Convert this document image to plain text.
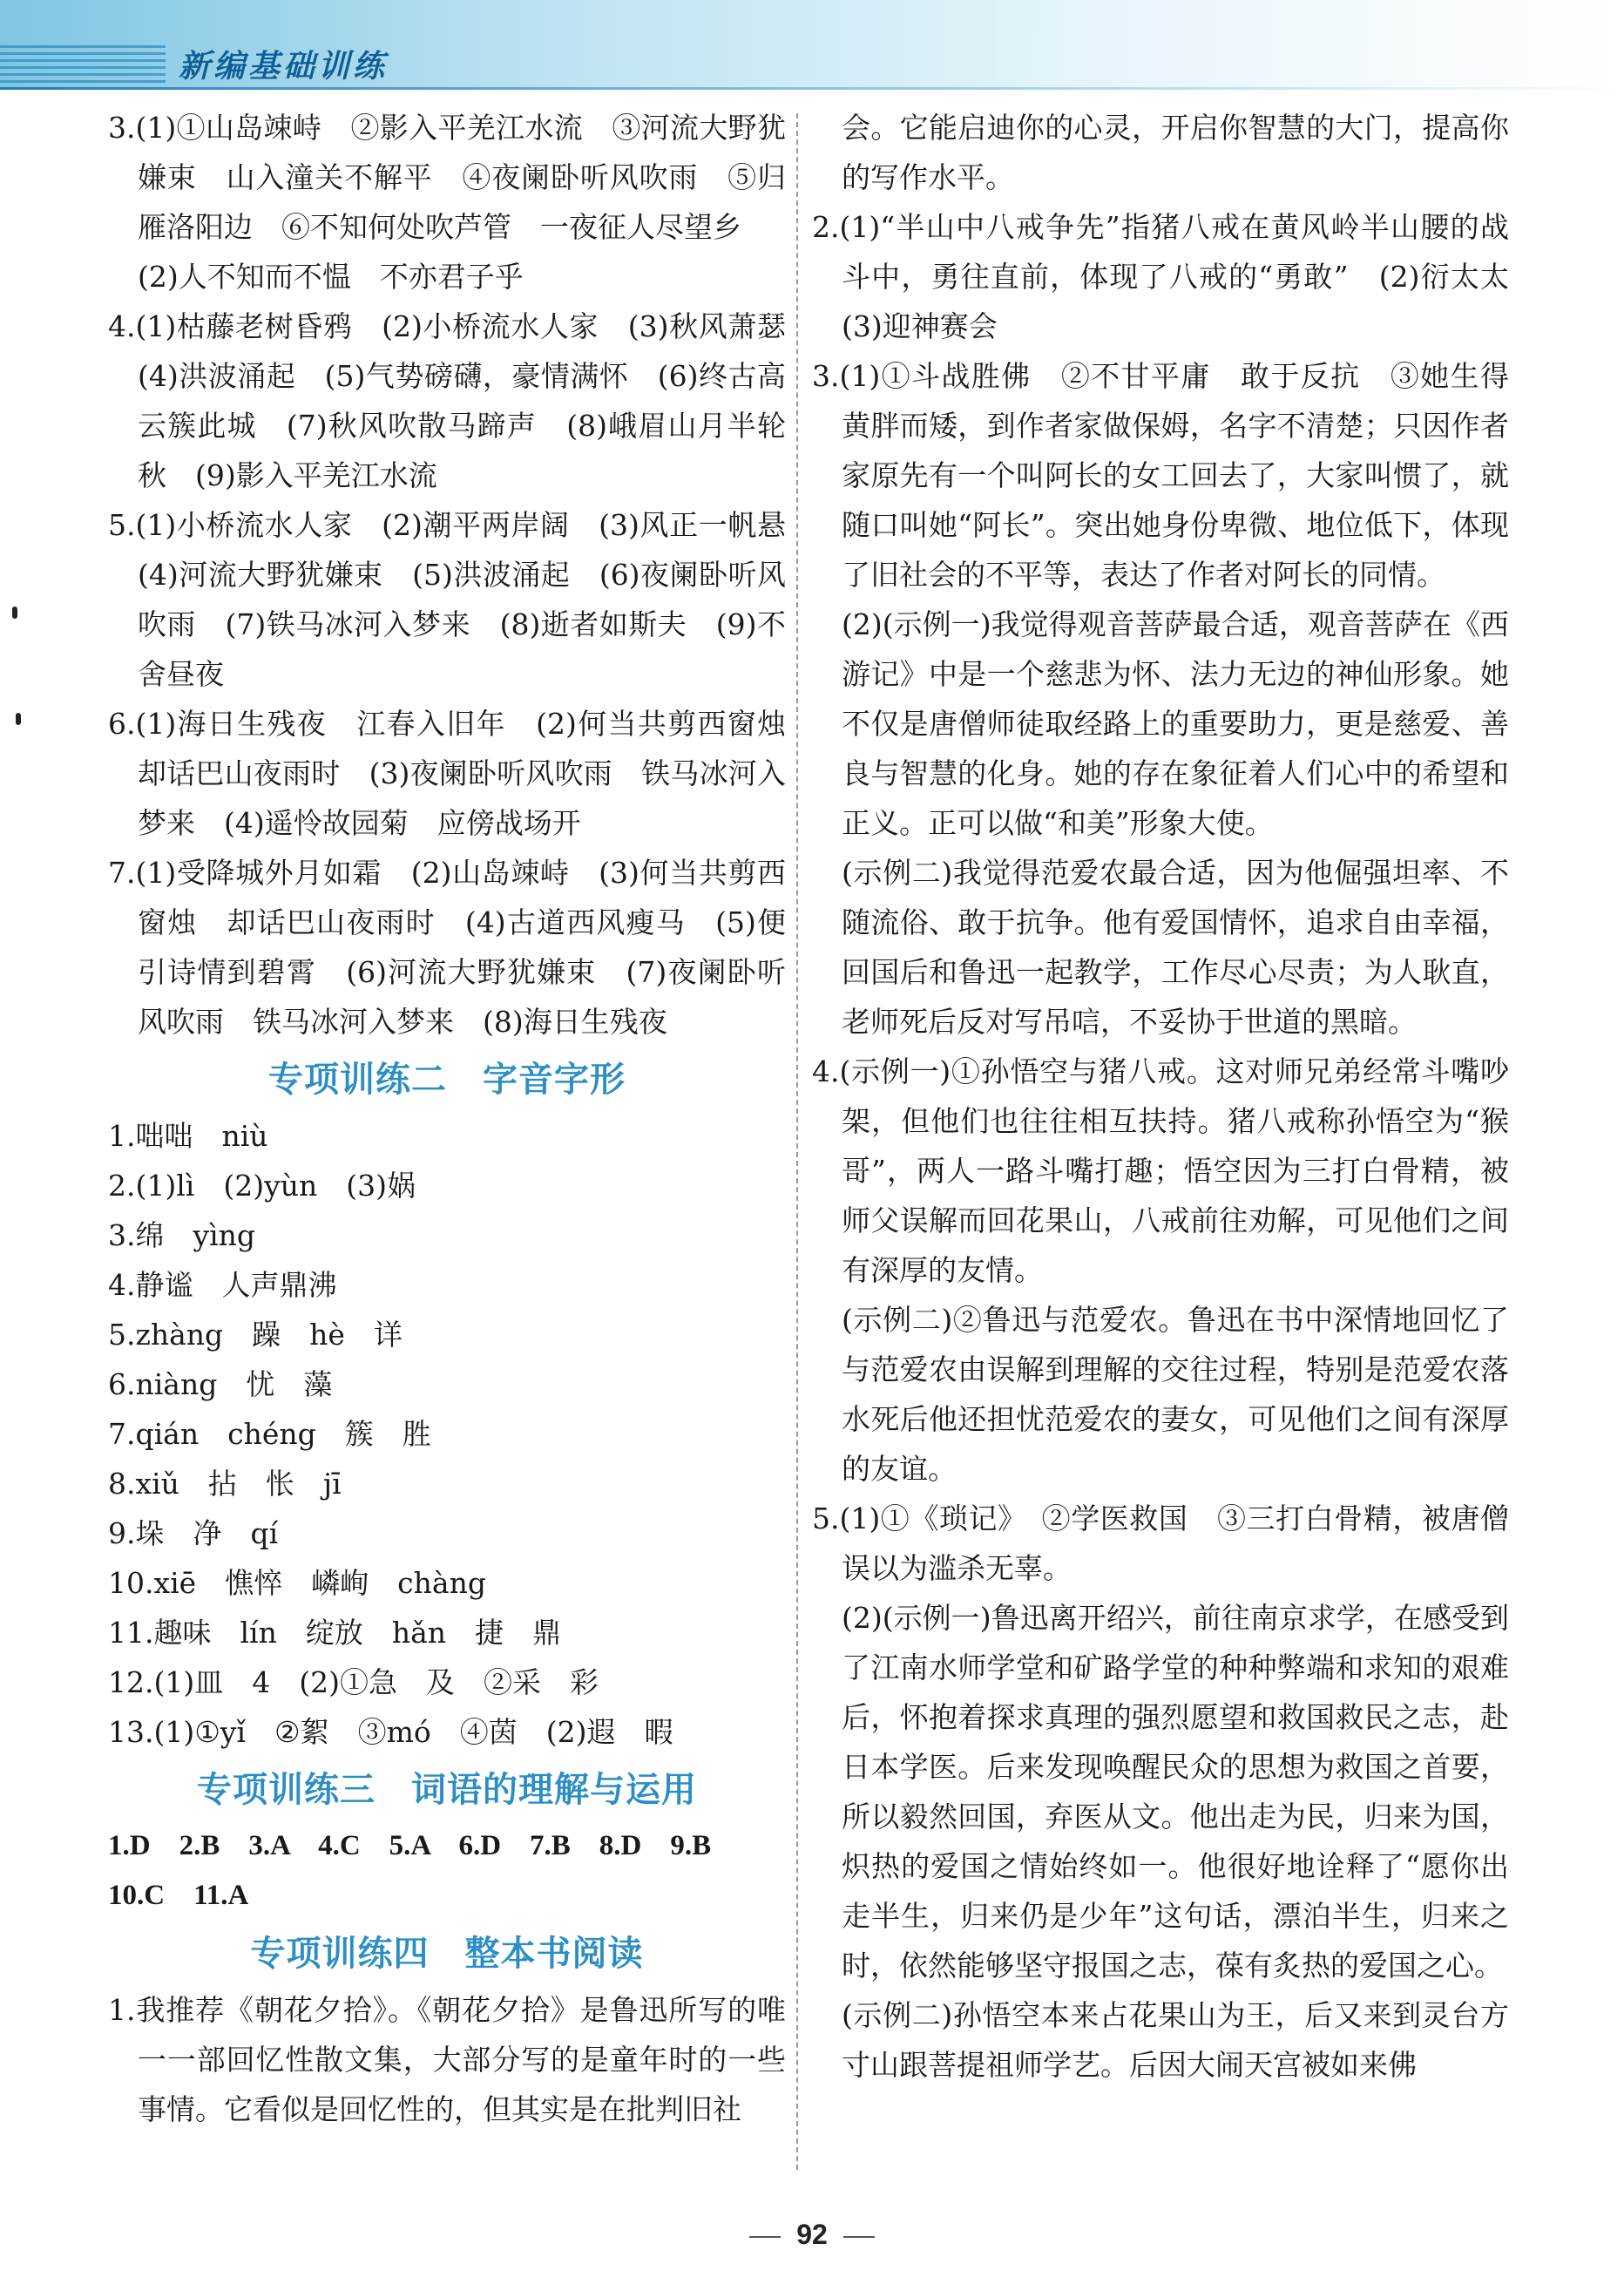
新编基础训练
3.(1)①山岛竦峙　②影入平羌江水流　③河流大野犹嫌束　山入潼关不解平　④夜阑卧听风吹雨　⑤归雁洛阳边　⑥不知何处吹芦管　一夜征人尽望乡
(2)人不知而不愠　不亦君子乎
4.(1)枯藤老树昏鸦　(2)小桥流水人家　(3)秋风萧瑟　(4)洪波涌起　(5)气势磅礴，豪情满怀　(6)终古高云簇此城　(7)秋风吹散马蹄声　(8)峨眉山月半轮秋　(9)影入平羌江水流
5.(1)小桥流水人家　(2)潮平两岸阔　(3)风正一帆悬　(4)河流大野犹嫌束　(5)洪波涌起　(6)夜阑卧听风吹雨　(7)铁马冰河入梦来　(8)逝者如斯夫　(9)不舍昼夜
6.(1)海日生残夜　江春入旧年　(2)何当共剪西窗烛　却话巴山夜雨时　(3)夜阑卧听风吹雨　铁马冰河入梦来　(4)遥怜故园菊　应傍战场开
7.(1)受降城外月如霜　(2)山岛竦峙　(3)何当共剪西窗烛　却话巴山夜雨时　(4)古道西风瘦马　(5)便引诗情到碧霄　(6)河流大野犹嫌束　(7)夜阑卧听风吹雨　铁马冰河入梦来　(8)海日生残夜
专项训练二　字音字形
1.咄咄　niù
2.(1)lì　(2)yùn　(3)娲
3.绵　yìng
4.静谧　人声鼎沸
5.zhàng　躁　hè　详
6.niàng　忧　藻
7.qián　chéng　簇　胜
8.xiǔ　拈　怅　jī
9.垛　净　qí
10.xiē　憔悴　嶙峋　chàng
11.趣味　lín　绽放　hǎn　捷　鼎
12.(1)皿　4　(2)①急　及　②采　彩
13.(1)①yǐ　②絮　③mó　④茵　(2)遐　暇
专项训练三　词语的理解与运用
1.D　2.B　3.A　4.C　5.A　6.D　7.B　8.D　9.B
10.C　11.A
专项训练四　整本书阅读
1.我推荐《朝花夕拾》。《朝花夕拾》是鲁迅所写的唯一一部回忆性散文集，大部分写的是童年时的一些事情。它看似是回忆性的，但其实是在批判旧社
会。它能启迪你的心灵，开启你智慧的大门，提高你的写作水平。
2.(1)“半山中八戒争先”指猪八戒在黄风岭半山腰的战斗中，勇往直前，体现了八戒的“勇敢”　(2)衍太太　(3)迎神赛会
3.(1)①斗战胜佛　②不甘平庸　敢于反抗　③她生得黄胖而矮，到作者家做保姆，名字不清楚；只因作者家原先有一个叫阿长的女工回去了，大家叫惯了，就随口叫她“阿长”。突出她身份卑微、地位低下，体现了旧社会的不平等，表达了作者对阿长的同情。
(2)(示例一)我觉得观音菩萨最合适，观音菩萨在《西游记》中是一个慈悲为怀、法力无边的神仙形象。她不仅是唐僧师徒取经路上的重要助力，更是慈爱、善良与智慧的化身。她的存在象征着人们心中的希望和正义。正可以做“和美”形象大使。
(示例二)我觉得范爱农最合适，因为他倔强坦率、不随流俗、敢于抗争。他有爱国情怀，追求自由幸福，回国后和鲁迅一起教学，工作尽心尽责；为人耿直，老师死后反对写吊唁，不妥协于世道的黑暗。
4.(示例一)①孙悟空与猪八戒。这对师兄弟经常斗嘴吵架，但他们也往往相互扶持。猪八戒称孙悟空为“猴哥”，两人一路斗嘴打趣；悟空因为三打白骨精，被师父误解而回花果山，八戒前往劝解，可见他们之间有深厚的友情。
(示例二)②鲁迅与范爱农。鲁迅在书中深情地回忆了与范爱农由误解到理解的交往过程，特别是范爱农落水死后他还担忧范爱农的妻女，可见他们之间有深厚的友谊。
5.(1)①《琐记》　②学医救国　③三打白骨精，被唐僧误以为滥杀无辜。
(2)(示例一)鲁迅离开绍兴，前往南京求学，在感受到了江南水师学堂和矿路学堂的种种弊端和求知的艰难后，怀抱着探求真理的强烈愿望和救国救民之志，赴日本学医。后来发现唤醒民众的思想为救国之首要，所以毅然回国，弃医从文。他出走为民，归来为国，炽热的爱国之情始终如一。他很好地诠释了“愿你出走半生，归来仍是少年”这句话，漂泊半生，归来之时，依然能够坚守报国之志，葆有炙热的爱国之心。
(示例二)孙悟空本来占花果山为王，后又来到灵台方寸山跟菩提祖师学艺。后因大闹天宫被如来佛
92
